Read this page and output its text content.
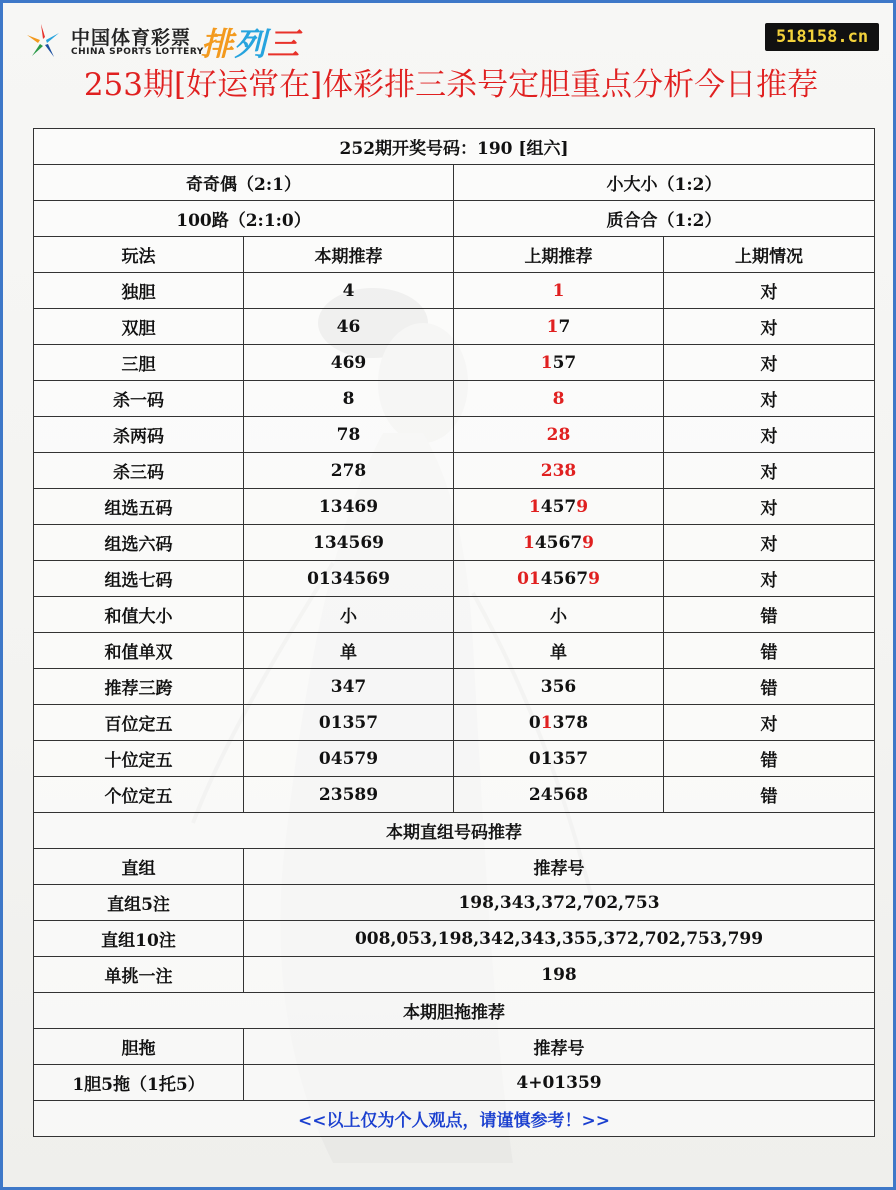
中国体育彩票
CHINA SPORTS LOTTERY
排列三	518158.cn
253期[好运常在]体彩排三杀号定胆重点分析今日推荐
252期开奖号码：190 [组六]			
奇奇偶（2:1）		小大小（1:2）	
100路（2:1:0）		质合合（1:2）	
玩法	本期推荐	上期推荐	上期情况
独胆	4	1	对
双胆	46	17	对
三胆	469	157	对
杀一码	8	8	对
杀两码	78	28	对
杀三码	278	238	对
组选五码	13469	14579	对
组选六码	134569	145679	对
组选七码	0134569	0145679	对
和值大小	小	小	错
和值单双	单	单	错
推荐三跨	347	356	错
百位定五	01357	01378	对
十位定五	04579	01357	错
个位定五	23589	24568	错
本期直组号码推荐			
直组	推荐号		
直组5注	198,343,372,702,753		
直组10注	008,053,198,342,343,355,372,702,753,799		
单挑一注	198		
本期胆拖推荐			
胆拖	推荐号		
1胆5拖（1托5）	4+01359		
<<以上仅为个人观点，请谨慎参考！>>			
